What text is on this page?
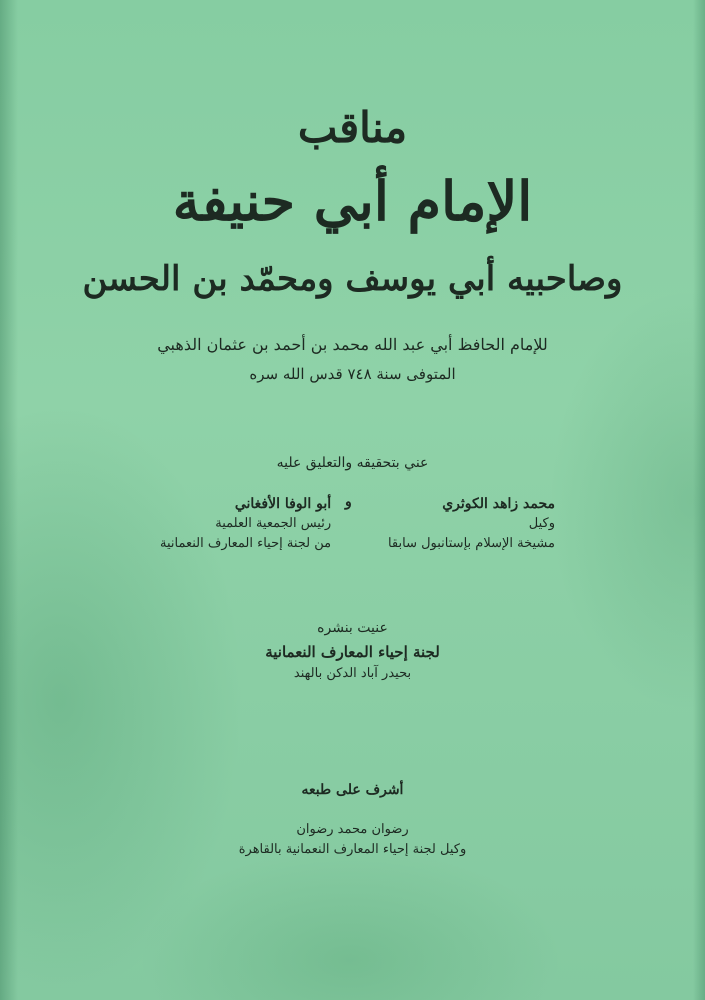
مناقب
الإمام أبي حنيفة
وصاحبيه أبي يوسف ومحمّد بن الحسن
للإمام الحافظ أبي عبد الله محمد بن أحمد بن عثمان الذهبي
المتوفى سنة ٧٤٨ قدس الله سره
عني بتحقيقه والتعليق عليه
محمد زاهد الكوثري
وكيل
مشيخة الإسلام بإستانبول سابقا
و
أبو الوفا الأفغاني
رئيس الجمعية العلمية
من لجنة إحياء المعارف النعمانية
عنيت بنشره
لجنة إحياء المعارف النعمانية
بحيدر آباد الدكن بالهند
أشرف على طبعه
رضوان محمد رضوان
وكيل لجنة إحياء المعارف النعمانية بالقاهرة
